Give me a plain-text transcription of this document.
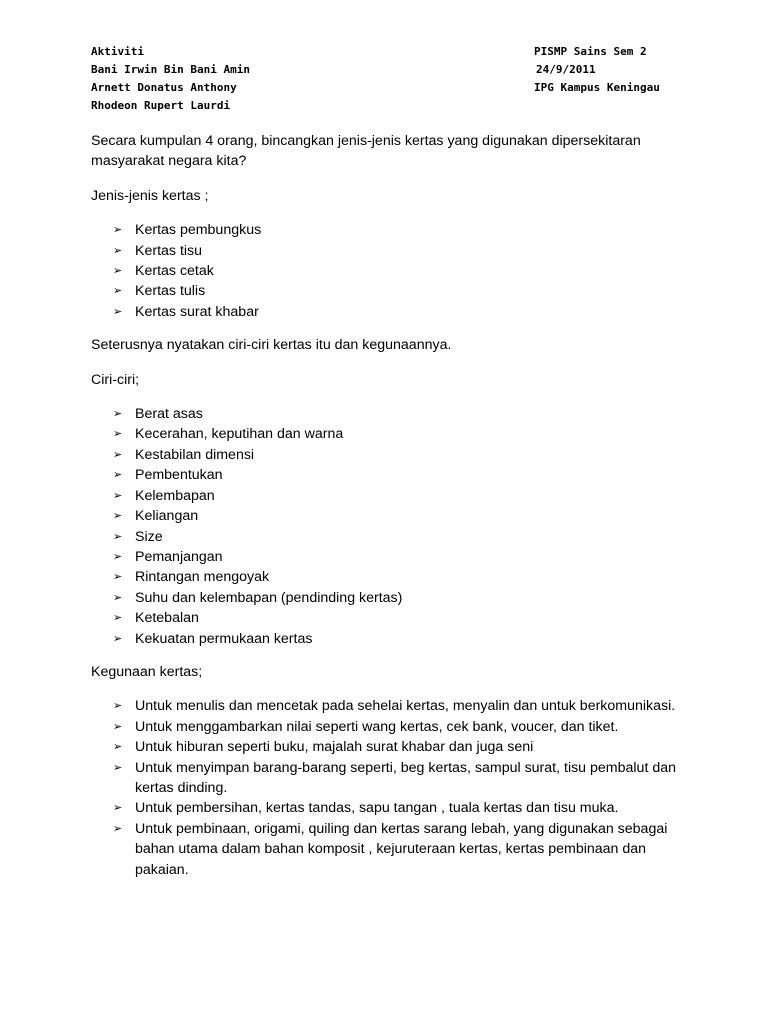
Aktiviti
Bani Irwin Bin Bani Amin
Arnett Donatus Anthony
Rhodeon Rupert Laurdi
PISMP Sains Sem 2
24/9/2011
IPG Kampus Keningau

Secara kumpulan 4 orang, bincangkan jenis-jenis kertas yang digunakan dipersekitaran masyarakat negara kita?

Jenis-jenis kertas ;

➢ Kertas pembungkus
➢ Kertas tisu
➢ Kertas cetak
➢ Kertas tulis
➢ Kertas surat khabar

Seterusnya nyatakan ciri-ciri kertas itu dan kegunaannya.

Ciri-ciri;

➢ Berat asas
➢ Kecerahan, keputihan dan warna
➢ Kestabilan dimensi
➢ Pembentukan
➢ Kelembapan
➢ Keliangan
➢ Size
➢ Pemanjangan
➢ Rintangan mengoyak
➢ Suhu dan kelembapan (pendinding kertas)
➢ Ketebalan
➢ Kekuatan permukaan kertas

Kegunaan kertas;

➢ Untuk menulis dan mencetak pada sehelai kertas, menyalin dan untuk berkomunikasi.
➢ Untuk menggambarkan nilai seperti wang kertas, cek bank, voucer, dan tiket.
➢ Untuk hiburan seperti buku, majalah surat khabar dan juga seni
➢ Untuk menyimpan barang-barang seperti, beg kertas, sampul surat, tisu pembalut dan kertas dinding.
➢ Untuk pembersihan, kertas tandas, sapu tangan , tuala kertas dan tisu muka.
➢ Untuk pembinaan, origami, quiling dan kertas sarang lebah, yang digunakan sebagai bahan utama dalam bahan komposit , kejuruteraan kertas, kertas pembinaan dan pakaian.
